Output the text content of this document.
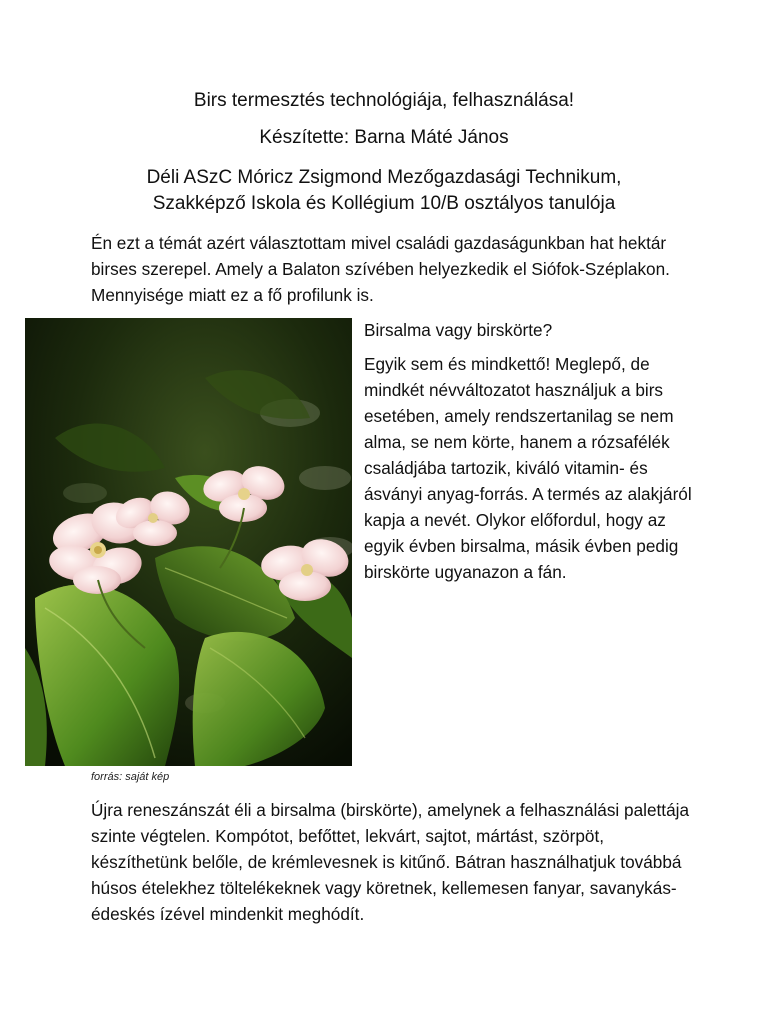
Birs termesztés technológiája, felhasználása!

Készítette: Barna Máté János

Déli ASzC Móricz Zsigmond Mezőgazdasági Technikum,
Szakképző Iskola és Kollégium 10/B osztályos tanulója

Én ezt a témát azért választottam mivel családi gazdaságunkban hat hektár birses szerepel. Amely a Balaton szívében helyezkedik el Siófok-Széplakon. Mennyisége miatt ez a fő profilunk is.

forrás: saját kép

Birsalma vagy birskörte?

Egyik sem és mindkettő! Meglepő, de mindkét névváltozatot használjuk a birs esetében, amely rendszertanilag se nem alma, se nem körte, hanem a rózsafélék családjába tartozik, kiváló vitamin- és ásványi anyag-forrás. A termés az alakjáról kapja a nevét. Olykor előfordul, hogy az egyik évben birsalma, másik évben pedig birskörte ugyanazon a fán.

Újra reneszánszát éli a birsalma (birskörte), amelynek a felhasználási palettája szinte végtelen. Kompótot, befőttet, lekvárt, sajtot, mártást, szörpöt, készíthetünk belőle, de krémlevesnek is kitűnő. Bátran használhatjuk továbbá húsos ételekhez töltelékeknek vagy köretnek, kellemesen fanyar, savanykás-édeskés ízével mindenkit meghódít.
